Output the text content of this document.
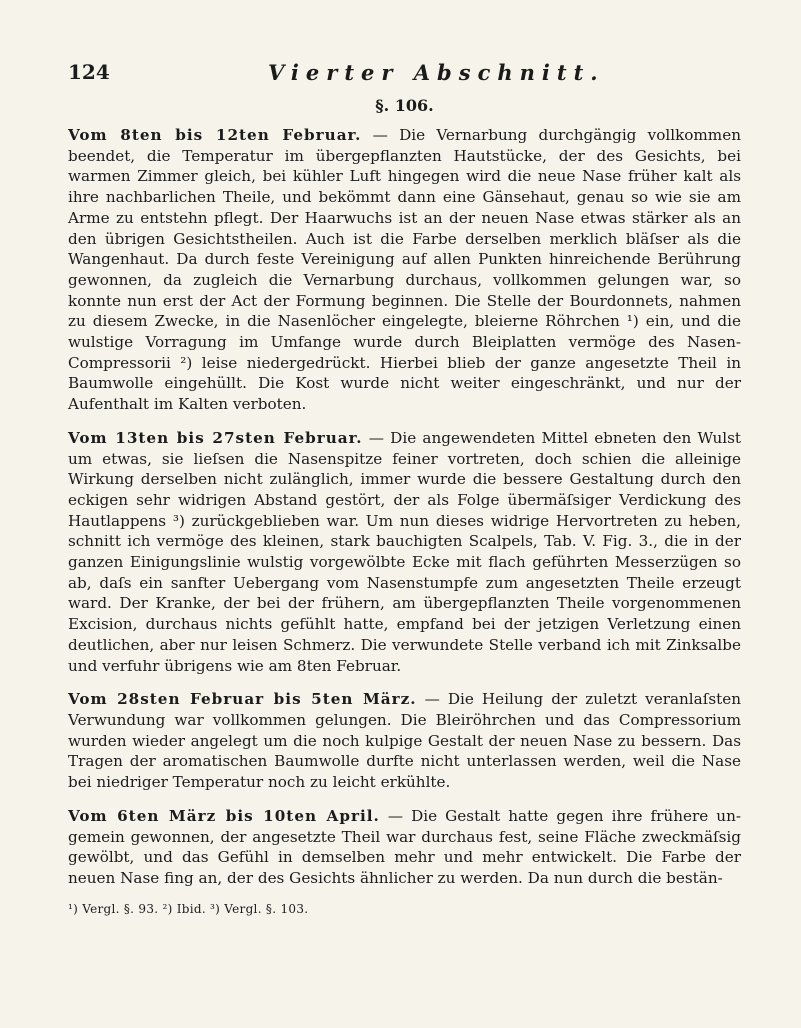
124	Vierter Abschnitt.
§. 106.

Vom 8ten bis 12ten Februar. — Die Vernarbung durchgängig vollkommen beendet, die Temperatur im übergepflanzten Hautstücke, der des Gesichts, bei warmen Zimmer gleich, bei kühler Luft hingegen wird die neue Nase früher kalt als ihre nachbarlichen Theile, und bekömmt dann eine Gänsehaut, genau so wie sie am Arme zu entstehn pflegt. Der Haarwuchs ist an der neuen Nase etwas stärker als an den übrigen Gesichtstheilen. Auch ist die Farbe derselben merklich bläſser als die Wangenhaut. Da durch feste Vereinigung auf allen Punkten hinreichende Berührung gewonnen, da zugleich die Vernarbung durchaus, vollkommen gelungen war, so konnte nun erst der Act der Formung beginnen. Die Stelle der Bourdonnets, nahmen zu diesem Zwecke, in die Nasenlöcher eingelegte, bleierne Röhrchen ¹) ein, und die wulstige Vorragung im Umfange wurde durch Bleiplatten vermöge des Nasen-Compressorii ²) leise niedergedrückt. Hierbei blieb der ganze angesetzte Theil in Baumwolle eingehüllt. Die Kost wurde nicht weiter eingeschränkt, und nur der Aufenthalt im Kalten verboten.

Vom 13ten bis 27sten Februar. — Die angewendeten Mittel ebneten den Wulst um etwas, sie lieſsen die Nasenspitze feiner vortreten, doch schien die alleinige Wirkung derselben nicht zulänglich, immer wurde die bessere Gestaltung durch den eckigen sehr widrigen Abstand gestört, der als Folge übermäſsiger Verdickung des Hautlappens ³) zurückgeblieben war. Um nun dieses widrige Hervortreten zu heben, schnitt ich vermöge des kleinen, stark bauchigten Scalpels, Tab. V. Fig. 3., die in der ganzen Einigungslinie wulstig vorgewölbte Ecke mit flach geführten Messerzügen so ab, daſs ein sanfter Uebergang vom Nasenstumpfe zum angesetzten Theile erzeugt ward. Der Kranke, der bei der frühern, am übergepflanzten Theile vorgenommenen Excision, durchaus nichts gefühlt hatte, empfand bei der jetzigen Verletzung einen deutlichen, aber nur leisen Schmerz. Die verwundete Stelle verband ich mit Zinksalbe und verfuhr übrigens wie am 8ten Februar.

Vom 28sten Februar bis 5ten März. — Die Heilung der zuletzt veranlaſsten Verwundung war vollkommen gelungen. Die Bleiröhrchen und das Compressorium wurden wieder angelegt um die noch kulpige Gestalt der neuen Nase zu bessern. Das Tragen der aromatischen Baumwolle durfte nicht unterlassen werden, weil die Nase bei niedriger Temperatur noch zu leicht erkühlte.

Vom 6ten März bis 10ten April. — Die Gestalt hatte gegen ihre frühere ungemein gewonnen, der angesetzte Theil war durchaus fest, seine Fläche zweckmäſsig gewölbt, und das Gefühl in demselben mehr und mehr entwickelt. Die Farbe der neuen Nase fing an, der des Gesichts ähnlicher zu werden. Da nun durch die bestän-

¹) Vergl. §. 93. ²) Ibid. ³) Vergl. §. 103.
